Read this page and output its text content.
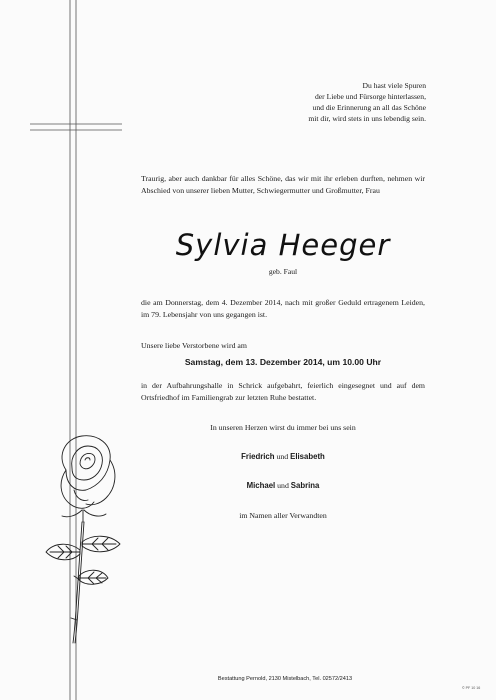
Du hast viele Spuren
der Liebe und Fürsorge hinterlassen,
und die Erinnerung an all das Schöne
mit dir, wird stets in uns lebendig sein.
Traurig, aber auch dankbar für alles Schöne, das wir mit ihr erleben durften, nehmen wir Abschied von unserer lieben Mutter, Schwiegermutter und Großmutter, Frau
Sylvia Heeger
geb. Faul
die am Donnerstag, dem 4. Dezember 2014, nach mit großer Geduld ertragenem Leiden, im 79. Lebensjahr von uns gegangen ist.
Unsere liebe Verstorbene wird am
Samstag, dem 13. Dezember 2014, um 10.00 Uhr
in der Aufbahrungshalle in Schrick aufgebahrt, feierlich eingesegnet und auf dem Ortsfriedhof im Familiengrab zur letzten Ruhe bestattet.
In unseren Herzen wirst du immer bei uns sein
Friedrich und Elisabeth
Michael und Sabrina
im Namen aller Verwandten
Bestattung Pernold, 2130 Mistelbach, Tel. 02572/2413
© PF 10 16
